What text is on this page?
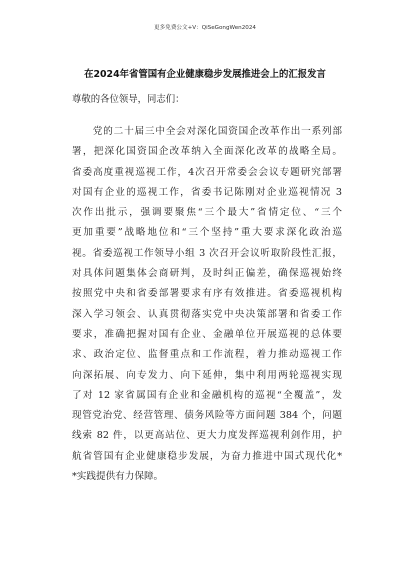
更多免费公文+V：QiSeGongWen2024
在2024年省管国有企业健康稳步发展推进会上的汇报发言
尊敬的各位领导，同志们：
　　党的二十届三中全会对深化国资国企改革作出一系列部
署，把深化国资国企改革纳入全面深化改革的战略全局。
省委高度重视巡视工作，4次召开常委会会议专题研究部署
对国有企业的巡视工作，省委书记陈刚对企业巡视情况 3
次作出批示，强调要聚焦“三个最大”省情定位、“三个
更加重要”战略地位和“三个坚持”重大要求深化政治巡
视。省委巡视工作领导小组 3 次召开会议听取阶段性汇报，
对具体问题集体会商研判，及时纠正偏差，确保巡视始终
按照党中央和省委部署要求有序有效推进。省委巡视机构
深入学习领会、认真贯彻落实党中央决策部署和省委工作
要求，准确把握对国有企业、金融单位开展巡视的总体要
求、政治定位、监督重点和工作流程，着力推动巡视工作
向深拓展、向专发力、向下延伸，集中利用两轮巡视实现
了对 12 家省属国有企业和金融机构的巡视“全覆盖”，发
现管党治党、经营管理、债务风险等方面问题 384 个，问题
线索 82 件，以更高站位、更大力度发挥巡视利剑作用，护
航省管国有企业健康稳步发展，为奋力推进中国式现代化*
*实践提供有力保障。
